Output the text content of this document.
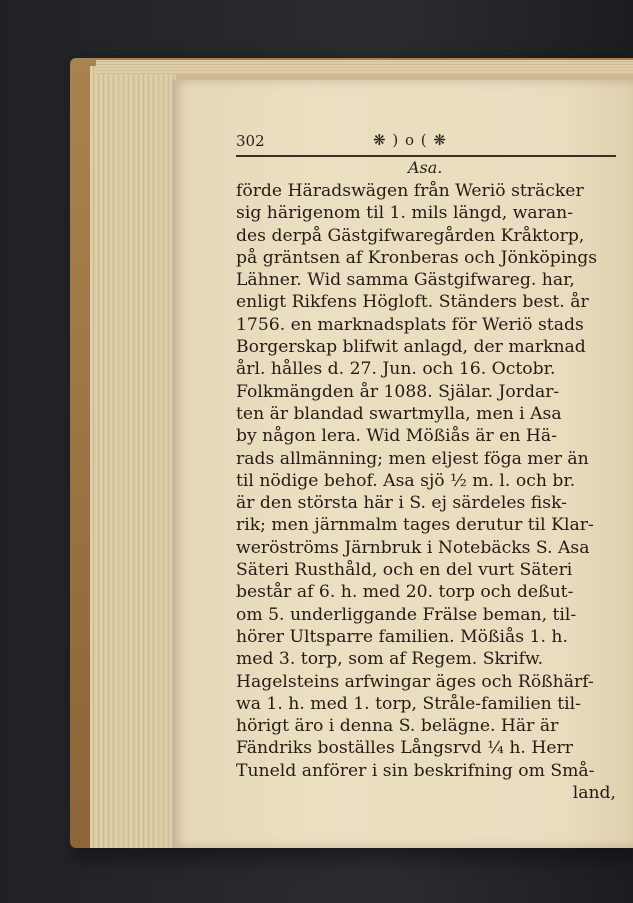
302	❋ ) o ( ❋
Asa.
förde Häradswägen från Weriö sträcker
sig härigenom til 1. mils längd, waran-
des derpå Gästgifwaregården Kråktorp,
på gräntsen af Kronberas och Jönköpings
Lähner. Wid samma Gästgifwareg. har,
enligt Rikfens Högloft. Ständers best. år
1756. en marknadsplats för Weriö stads
Borgerskap blifwit anlagd, der marknad
årl. hålles d. 27. Jun. och 16. Octobr.
Folkmängden år 1088. Själar. Jordar-
ten är blandad swartmylla, men i Asa
by någon lera. Wid Mößiås är en Hä-
rads allmänning; men eljest föga mer än
til nödige behof. Asa sjö ½ m. l. och br.
är den största här i S. ej särdeles fisk-
rik; men järnmalm tages derutur til Klar-
weröströms Järnbruk i Notebäcks S. Asa
Säteri Rusthåld, och en del vurt Säteri
består af 6. h. med 20. torp och deßut-
om 5. underliggande Frälse beman, til-
hörer Ultsparre familien. Mößiås 1. h.
med 3. torp, som af Regem. Skrifw.
Hagelsteins arfwingar äges och Rößhärf-
wa 1. h. med 1. torp, Stråle-familien til-
hörigt äro i denna S. belägne. Här är
Fändriks boställes Långsrvd ¼ h. Herr
Tuneld anförer i sin beskrifning om Små-
land,
